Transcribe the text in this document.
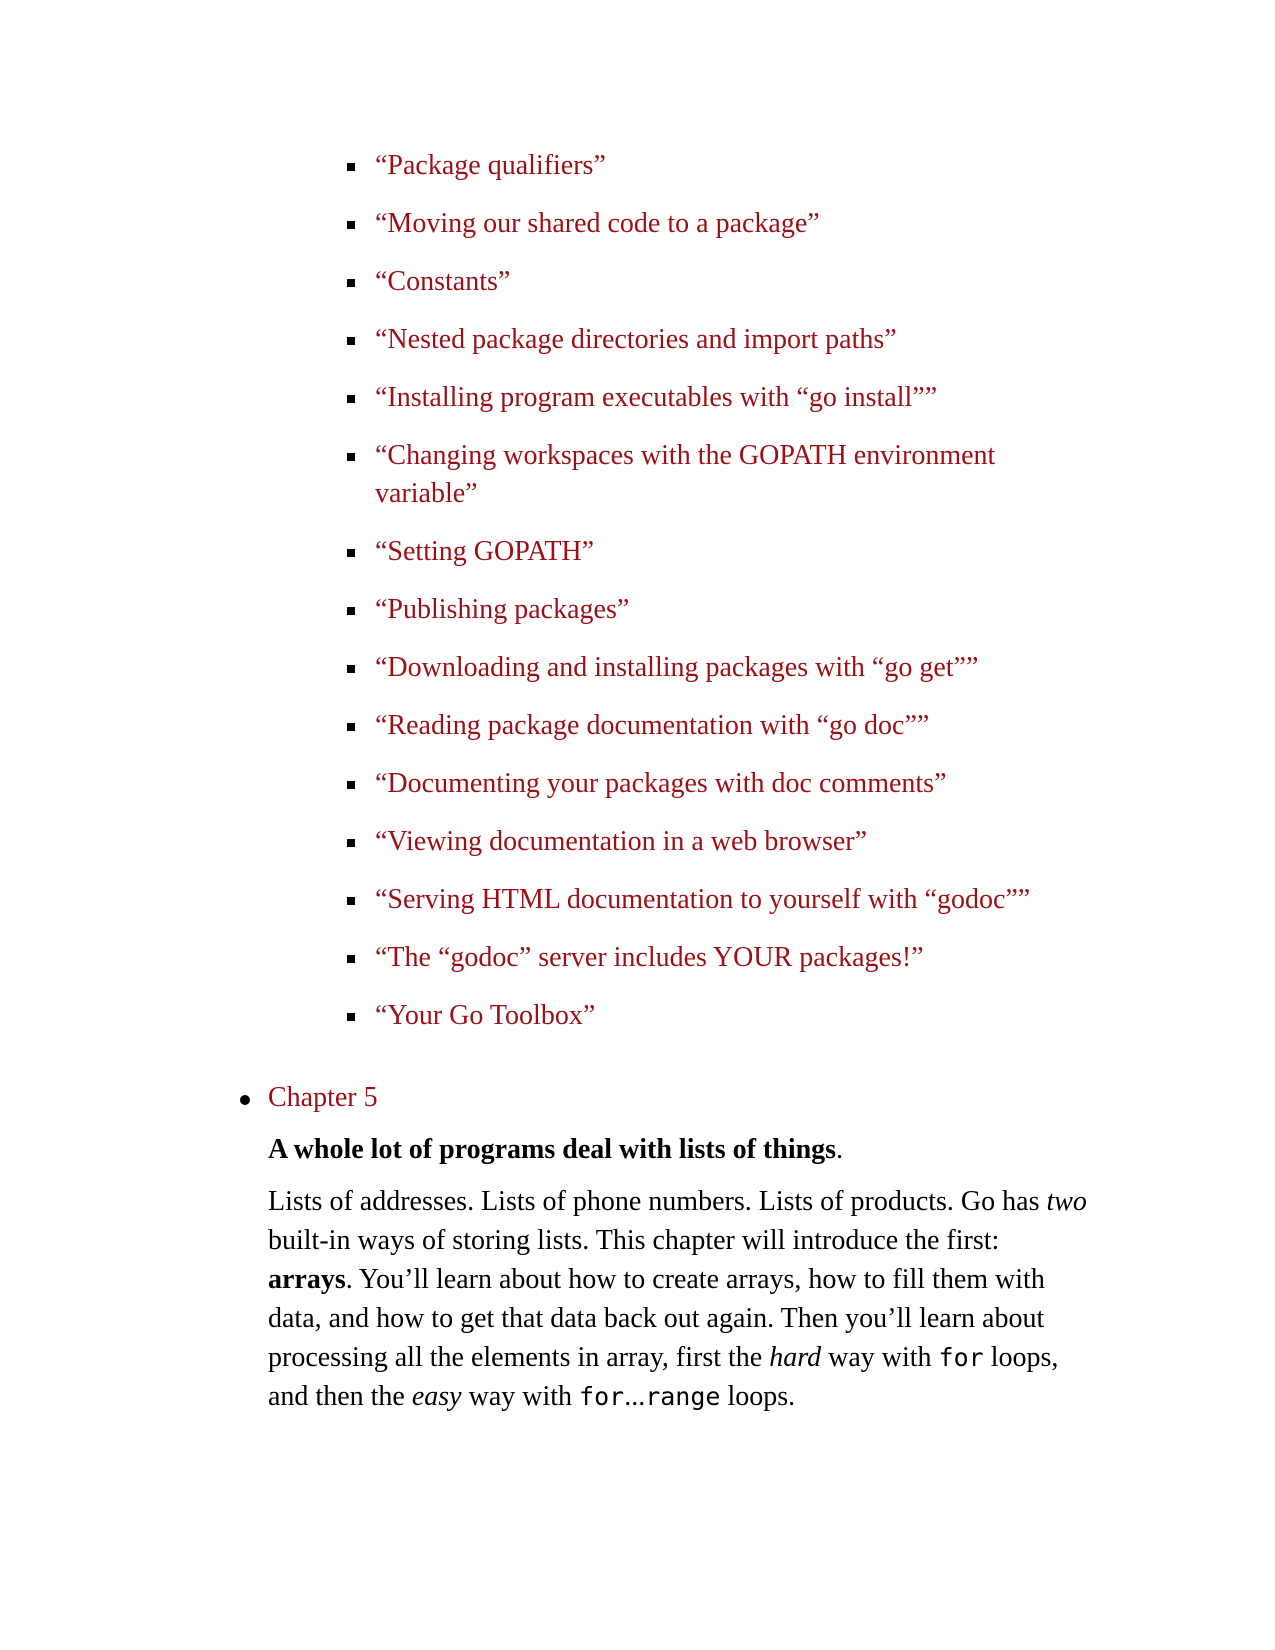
“Package qualifiers”
“Moving our shared code to a package”
“Constants”
“Nested package directories and import paths”
“Installing program executables with “go install””
“Changing workspaces with the GOPATH environment variable”
“Setting GOPATH”
“Publishing packages”
“Downloading and installing packages with “go get””
“Reading package documentation with “go doc””
“Documenting your packages with doc comments”
“Viewing documentation in a web browser”
“Serving HTML documentation to yourself with “godoc””
“The “godoc” server includes YOUR packages!”
“Your Go Toolbox”
Chapter 5

A whole lot of programs deal with lists of things.

Lists of addresses. Lists of phone numbers. Lists of products. Go has two built-in ways of storing lists. This chapter will introduce the first: arrays. You’ll learn about how to create arrays, how to fill them with data, and how to get that data back out again. Then you’ll learn about processing all the elements in array, first the hard way with for loops, and then the easy way with for...range loops.
